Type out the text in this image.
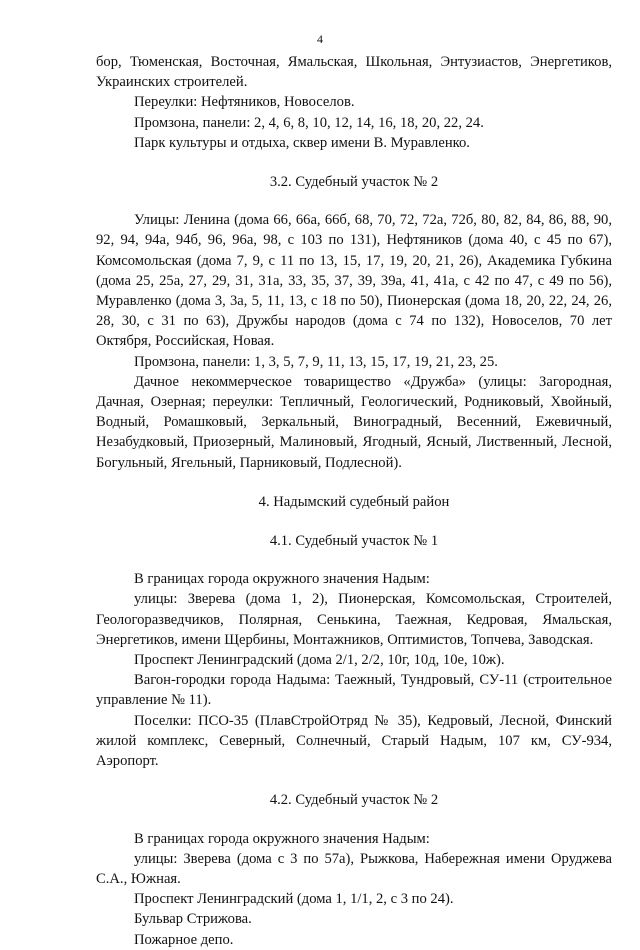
4

бор, Тюменская, Восточная, Ямальская, Школьная, Энтузиастов, Энергетиков, Украинских строителей.

Переулки: Нефтяников, Новоселов.

Промзона, панели: 2, 4, 6, 8, 10, 12, 14, 16, 18, 20, 22, 24.

Парк культуры и отдыха, сквер имени В. Муравленко.

3.2. Судебный участок № 2

Улицы: Ленина (дома 66, 66а, 66б, 68, 70, 72, 72а, 72б, 80, 82, 84, 86, 88, 90, 92, 94, 94а, 94б, 96, 96а, 98, с 103 по 131), Нефтяников (дома 40, с 45 по 67), Комсомольская (дома 7, 9, с 11 по 13, 15, 17, 19, 20, 21, 26), Академика Губкина (дома 25, 25а, 27, 29, 31, 31а, 33, 35, 37, 39, 39а, 41, 41а, с 42 по 47, с 49 по 56), Муравленко (дома 3, 3а, 5, 11, 13, с 18 по 50), Пионерская (дома 18, 20, 22, 24, 26, 28, 30, с 31 по 63), Дружбы народов (дома с 74 по 132), Новоселов, 70 лет Октября, Российская, Новая.

Промзона, панели: 1, 3, 5, 7, 9, 11, 13, 15, 17, 19, 21, 23, 25.

Дачное некоммерческое товарищество «Дружба» (улицы: Загородная, Дачная, Озерная; переулки: Тепличный, Геологический, Родниковый, Хвойный, Водный, Ромашковый, Зеркальный, Виноградный, Весенний, Ежевичный, Незабудковый, Приозерный, Малиновый, Ягодный, Ясный, Лиственный, Лесной, Богульный, Ягельный, Парниковый, Подлесной).

4. Надымский судебный район
4.1. Судебный участок № 1

В границах города окружного значения Надым:

улицы: Зверева (дома 1, 2), Пионерская, Комсомольская, Строителей, Геологоразведчиков, Полярная, Сенькина, Таежная, Кедровая, Ямальская, Энергетиков, имени Щербины, Монтажников, Оптимистов, Топчева, Заводская.

Проспект Ленинградский (дома 2/1, 2/2, 10г, 10д, 10е, 10ж).

Вагон-городки города Надыма: Таежный, Тундровый, СУ-11 (строительное управление № 11).

Поселки: ПСО-35 (ПлавСтройОтряд № 35), Кедровый, Лесной, Финский жилой комплекс, Северный, Солнечный, Старый Надым, 107 км, СУ-934, Аэропорт.

4.2. Судебный участок № 2

В границах города окружного значения Надым:

улицы: Зверева (дома с 3 по 57а), Рыжкова, Набережная имени Оруджева С.А., Южная.

Проспект Ленинградский (дома 1, 1/1, 2, с 3 по 24).

Бульвар Стрижова.

Пожарное депо.
